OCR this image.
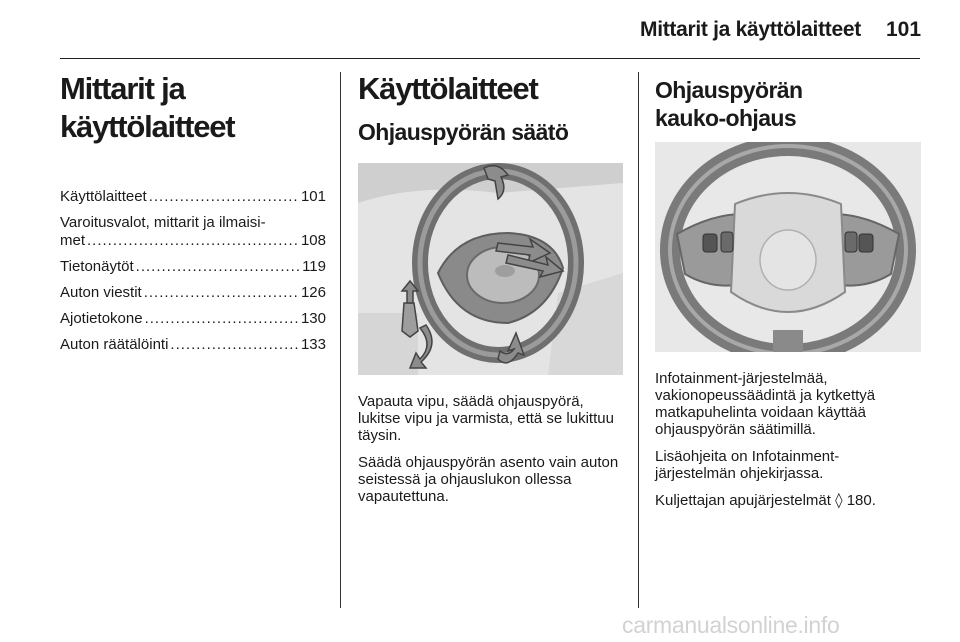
Mittarit ja käyttölaitteet 101
Mittarit ja käyttölaitteet
Käyttölaitteet .....	101
Varoitusvalot, mittarit ja ilmaisi-
met .....	108
Tietonäytöt .....	119
Auton viestit .....	126
Ajotietokone .....	130
Auton räätälöinti .....	133
Käyttölaitteet
Ohjauspyörän säätö

Vapauta vipu, säädä ohjauspyörä, lukitse vipu ja varmista, että se lukittuu täysin.

Säädä ohjauspyörän asento vain auton seistessä ja ohjauslukon ollessa vapautettuna.

Ohjauspyörän
kauko-ohjaus

Infotainment-järjestelmää, vakionopeussäädintä ja kytkettyä matkapuhelinta voidaan käyttää ohjauspyörän säätimillä.

Lisäohjeita on Infotainment-
järjestelmän ohjekirjassa.

Kuljettajan apujärjestelmät ◊ 180.

carmanualsonline.info
